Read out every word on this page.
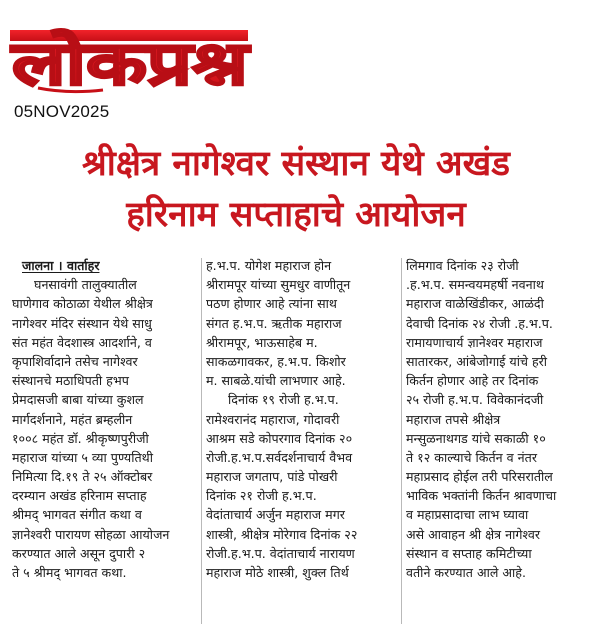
लोकप्रश्न
05NOV2025
श्रीक्षेत्र नागेश्वर संस्थान येथे अखंड
हरिनाम सप्ताहाचे आयोजन
जालना । वार्ताहर
घनसावंगी तालुक्यातील
घाणेगाव कोठाळा येथील श्रीक्षेत्र
नागेश्वर मंदिर संस्थान येथे साधु
संत महंत वेदशास्त्र आदर्शाने, व
कृपाशिर्वादाने तसेच नागेश्वर
संस्थानचे मठाधिपती हभप
प्रेमदासजी बाबा यांच्या कुशल
मार्गदर्शनाने, महंत ब्रम्हलीन
१००८ महंत डॉ. श्रीकृष्णपुरीजी
महाराज यांच्या ५ व्या पुण्यतिथी
निमित्या दि.१९ ते २५ ऑक्टोबर
दरम्यान अखंड हरिनाम सप्ताह
श्रीमद् भागवत संगीत कथा व
ज्ञानेश्वरी पारायण सोहळा आयोजन
करण्यात आले असून दुपारी २
ते ५ श्रीमद् भागवत कथा.
ह.भ.प. योगेश महाराज होन
श्रीरामपूर यांच्या सुमधुर वाणीतून
पठण होणार आहे त्यांना साथ
संगत ह.भ.प. ऋतीक महाराज
श्रीरामपूर, भाऊसाहेब म.
साकळगावकर, ह.भ.प. किशोर
म. साबळे.यांची लाभणार आहे.
दिनांक १९ रोजी ह.भ.प.
रामेश्वरानंद महाराज, गोदावरी
आश्रम सडे कोपरगाव दिनांक २०
रोजी.ह.भ.प.सर्वदर्शनाचार्य वैभव
महाराज जगताप, पांडे पोखरी
दिनांक २१ रोजी ह.भ.प.
वेदांताचार्य अर्जुन महाराज मगर
शास्त्री, श्रीक्षेत्र मोरेगाव दिनांक २२
रोजी.ह.भ.प. वेदांताचार्य नारायण
महाराज मोठे शास्त्री, शुक्ल तिर्थ
लिमगाव दिनांक २३ रोजी
.ह.भ.प. समन्वयमहर्षी नवनाथ
महाराज वाळेखिंडीकर, आळंदी
देवाची दिनांक २४ रोजी .ह.भ.प.
रामायणाचार्य ज्ञानेश्वर महाराज
सातारकर, आंबेजोगाई यांचे हरी
किर्तन होणार आहे तर दिनांक
२५ रोजी ह.भ.प. विवेकानंदजी
महाराज तपसे श्रीक्षेत्र
मन्सुळनाथगड यांचे सकाळी १०
ते १२ काल्याचे किर्तन व नंतर
महाप्रसाद होईल तरी परिसरातील
भाविक भक्तांनी किर्तन श्रावणाचा
व महाप्रसादाचा लाभ घ्यावा
असे आवाहन श्री क्षेत्र नागेश्वर
संस्थान व सप्ताह कमिटीच्या
वतीने करण्यात आले आहे.
